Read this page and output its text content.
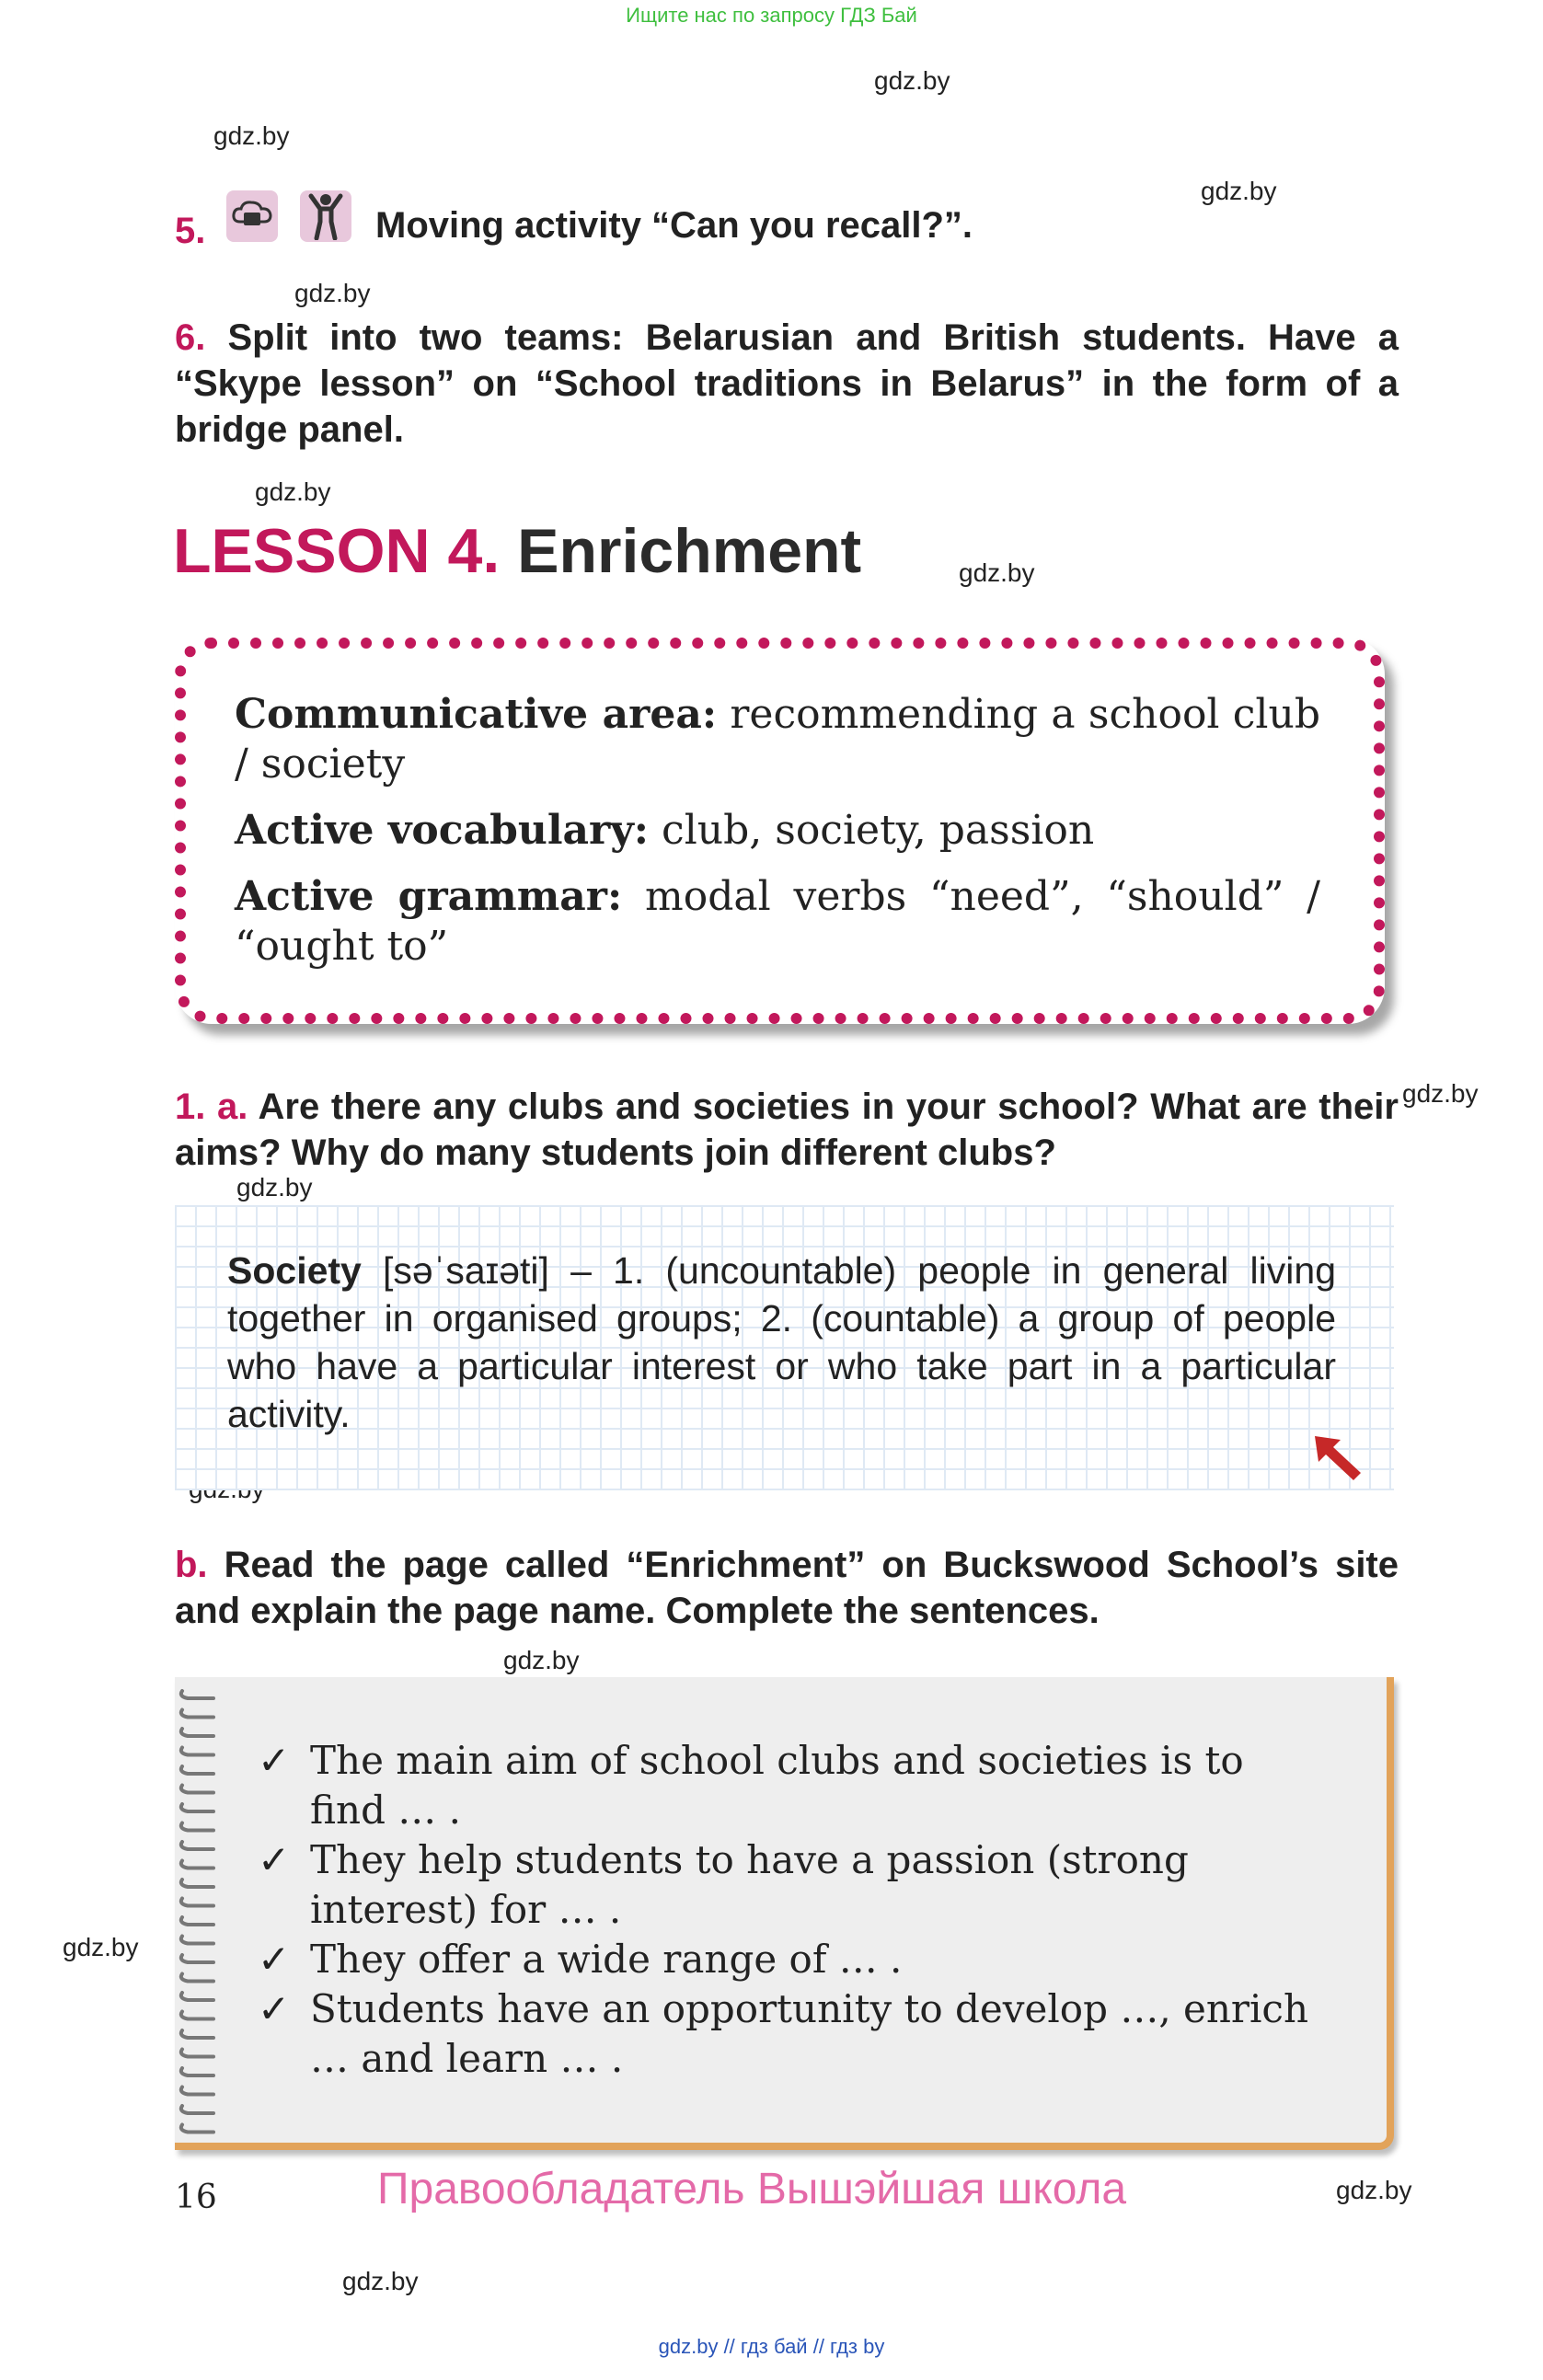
Ищите нас по запросу ГДЗ Бай
gdz.by
gdz.by
gdz.by
gdz.by
gdz.by
gdz.by
gdz.by
gdz.by
gdz.by
gdz.by
gdz.by
gdz.by
5.	Moving activity “Can you recall?”.
6. Split into two teams: Belarusian and British students. Have a “Skype lesson” on “School traditions in Belarus” in the form of a bridge panel.
LESSON 4. Enrichment
Communicative area: recommending a school club / society
Active vocabulary: club, society, passion
Active grammar: modal verbs “need”, “should” / “ought to”
1. a. Are there any clubs and societies in your school? What are their aims? Why do many students join different clubs?
Society [səˈsaɪəti] – 1. (uncountable) people in general living together in organised groups; 2. (countable) a group of people who have a particular interest or who take part in a particular activity.
b. Read the page called “Enrichment” on Buckswood School’s site and explain the page name. Complete the sentences.
✓ The main aim of school clubs and societies is to find … .
✓ They help students to have a passion (strong interest) for … .
✓ They offer a wide range of … .
✓ Students have an opportunity to develop …, enrich … and learn … .
16	Правообладатель Вышэйшая школа
gdz.by // гдз бай // гдз by
